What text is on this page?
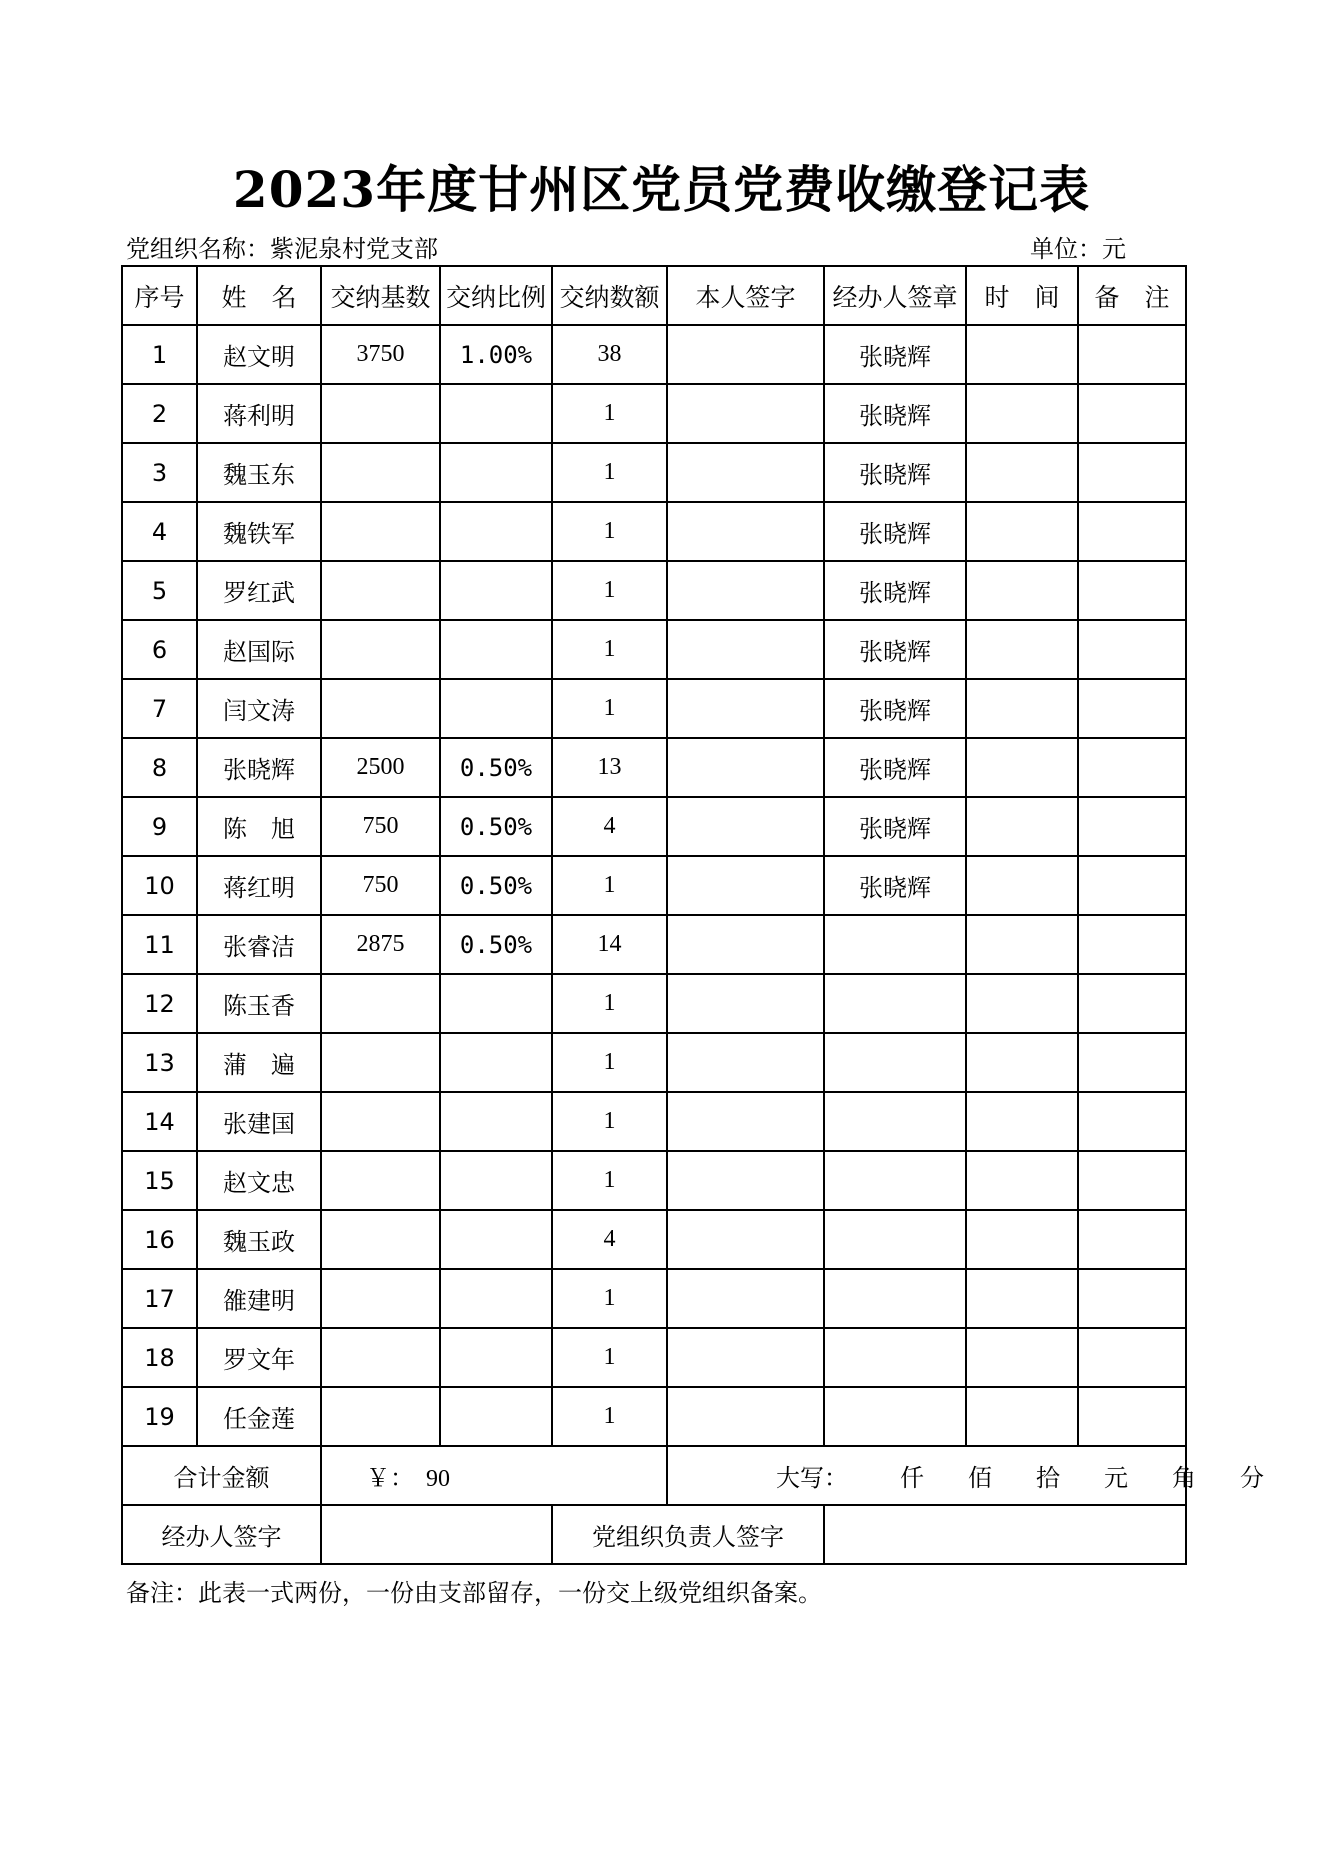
2023年度甘州区党员党费收缴登记表
党组织名称：紫泥泉村党支部	单位：元
序号	姓　名	交纳基数	交纳比例	交纳数额	本人签字	经办人签章	时　间	备　注
1	赵文明	3750	1.00%	38		张晓辉		
2	蒋利明			1		张晓辉		
3	魏玉东			1		张晓辉		
4	魏铁军			1		张晓辉		
5	罗红武			1		张晓辉		
6	赵国际			1		张晓辉		
7	闫文涛			1		张晓辉		
8	张晓辉	2500	0.50%	13		张晓辉		
9	陈　旭	750	0.50%	4		张晓辉		
10	蒋红明	750	0.50%	1		张晓辉		
11	张睿洁	2875	0.50%	14				
12	陈玉香			1				
13	蒲　遍			1				
14	张建国			1				
15	赵文忠			1				
16	魏玉政			4				
17	雒建明			1				
18	罗文年			1				
19	任金莲			1				
合计金额		￥：　90			大写： 仟 佰 拾 元 角 分			
经办人签字				党组织负责人签字				
备注：此表一式两份，一份由支部留存，一份交上级党组织备案。
